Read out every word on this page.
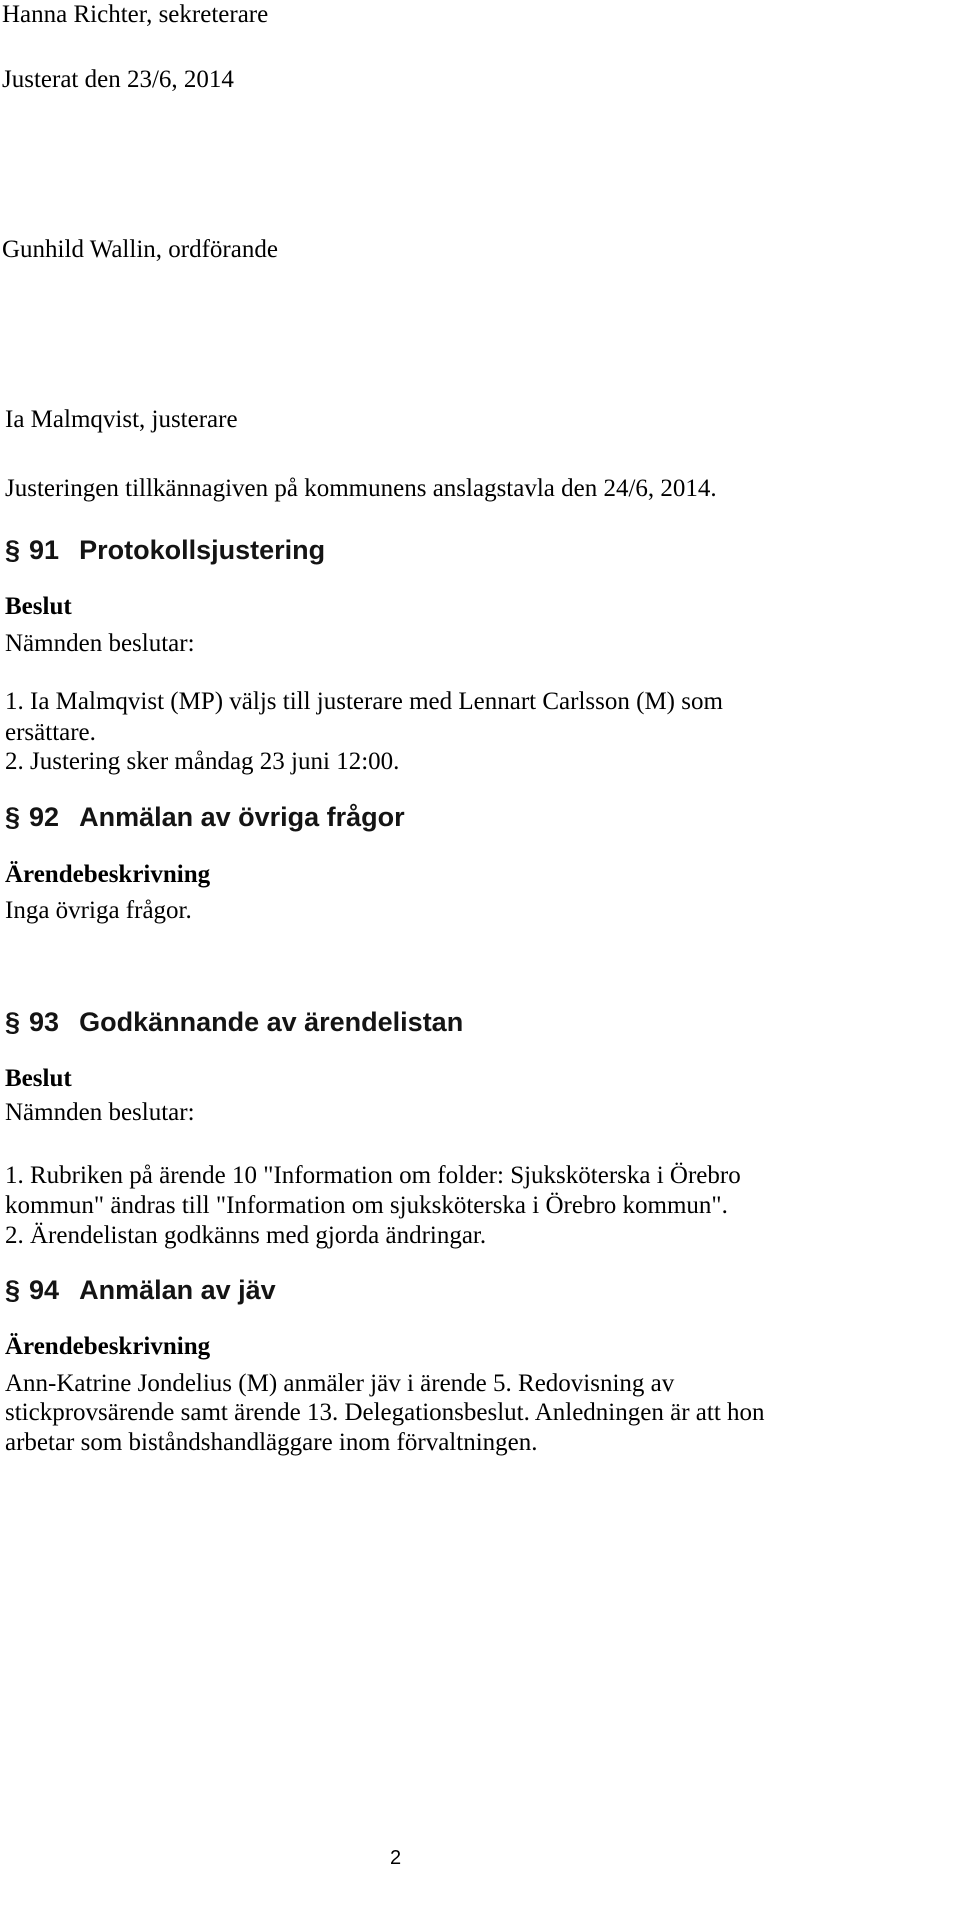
Hanna Richter, sekreterare
Justerat den 23/6, 2014
Gunhild Wallin, ordförande
Ia Malmqvist, justerare
Justeringen tillkännagiven på kommunens anslagstavla den 24/6, 2014.
§ 91 Protokollsjustering
Beslut
Nämnden beslutar:
1. Ia Malmqvist (MP) väljs till justerare med Lennart Carlsson (M) som
ersättare.
2. Justering sker måndag 23 juni 12:00.
§ 92 Anmälan av övriga frågor
Ärendebeskrivning
Inga övriga frågor.
§ 93 Godkännande av ärendelistan
Beslut
Nämnden beslutar:
1. Rubriken på ärende 10 "Information om folder: Sjuksköterska i Örebro
kommun" ändras till "Information om sjuksköterska i Örebro kommun".
2. Ärendelistan godkänns med gjorda ändringar.
§ 94 Anmälan av jäv
Ärendebeskrivning
Ann-Katrine Jondelius (M) anmäler jäv i ärende 5. Redovisning av
stickprovsärende samt ärende 13. Delegationsbeslut. Anledningen är att hon
arbetar som biståndshandläggare inom förvaltningen.
2
